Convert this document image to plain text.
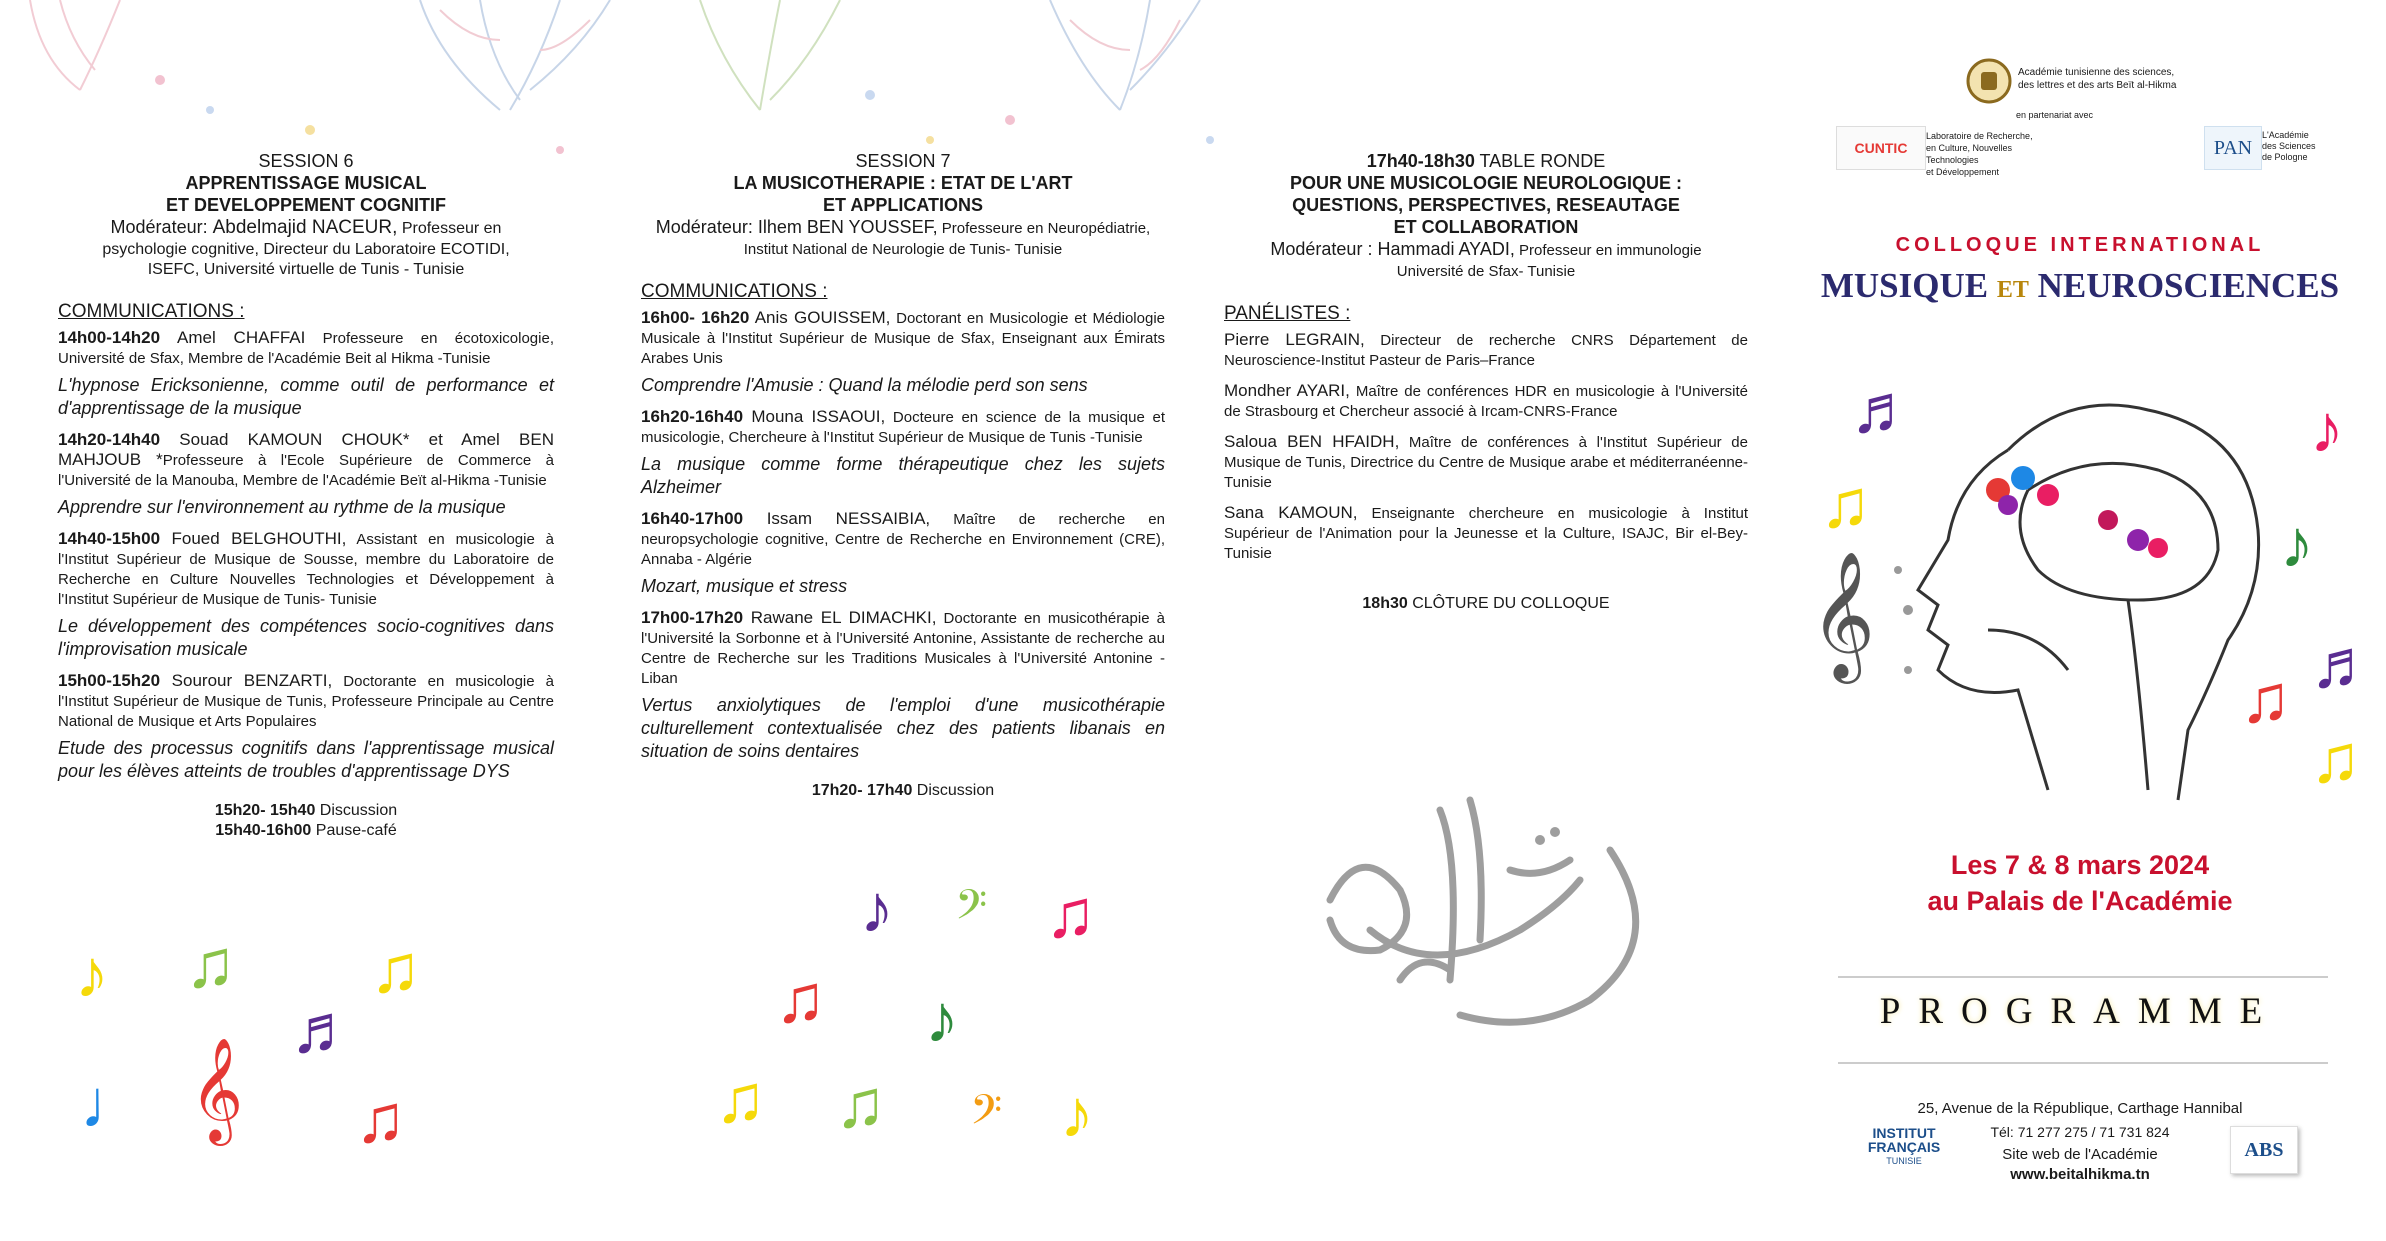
SESSION 6
APPRENTISSAGE MUSICAL
ET DEVELOPPEMENT COGNITIF
Modérateur: Abdelmajid NACEUR, Professeur en
psychologie cognitive, Directeur du Laboratoire ECOTIDI,
ISEFC, Université virtuelle de Tunis - Tunisie
COMMUNICATIONS :
14h00-14h20 Amel CHAFFAI Professeure en écotoxicologie, Université de Sfax, Membre de l'Académie Beit al Hikma -Tunisie
L'hypnose Ericksonienne, comme outil de performance et d'apprentissage de la musique
14h20-14h40 Souad KAMOUN CHOUK* et Amel BEN MAHJOUB *Professeure à l'Ecole Supérieure de Commerce à l'Université de la Manouba, Membre de l'Académie Beït al-Hikma -Tunisie
Apprendre sur l'environnement au rythme de la musique
14h40-15h00 Foued BELGHOUTHI, Assistant en musicologie à l'Institut Supérieur de Musique de Sousse, membre du Laboratoire de Recherche en Culture Nouvelles Technologies et Développement à l'Institut Supérieur de Musique de Tunis- Tunisie
Le développement des compétences socio-cognitives dans l'improvisation musicale
15h00-15h20 Sourour BENZARTI, Doctorante en musicologie à l'Institut Supérieur de Musique de Tunis, Professeure Principale au Centre National de Musique et Arts Populaires
Etude des processus cognitifs dans l'apprentissage musical pour les élèves atteints de troubles d'apprentissage DYS
15h20- 15h40 Discussion
15h40-16h00 Pause-café
♪ ♫ ♫
♬
♩ 𝄞 ♫
SESSION 7
LA MUSICOTHERAPIE : ETAT DE L'ART
ET APPLICATIONS
Modérateur: Ilhem BEN YOUSSEF, Professeure en Neuropédiatrie,
Institut National de Neurologie de Tunis- Tunisie
COMMUNICATIONS :
16h00- 16h20 Anis GOUISSEM, Doctorant en Musicologie et Médiologie Musicale à l'Institut Supérieur de Musique de Sfax, Enseignant aux Émirats Arabes Unis
Comprendre l'Amusie : Quand la mélodie perd son sens
16h20-16h40 Mouna ISSAOUI, Docteure en science de la musique et musicologie, Chercheure à l'Institut Supérieur de Musique de Tunis -Tunisie
La musique comme forme thérapeutique chez les sujets Alzheimer
16h40-17h00 Issam NESSAIBIA, Maître de recherche en neuropsychologie cognitive, Centre de Recherche en Environnement (CRE), Annaba - Algérie
Mozart, musique et stress
17h00-17h20 Rawane EL DIMACHKI, Doctorante en musicothérapie à l'Université la Sorbonne et à l'Université Antonine, Assistante de recherche au Centre de Recherche sur les Traditions Musicales à l'Université Antonine - Liban
Vertus anxiolytiques de l'emploi d'une musicothérapie culturellement contextualisée chez des patients libanais en situation de soins dentaires
17h20- 17h40 Discussion
♪ 𝄢 ♫
♫ ♪
♫ ♫ 𝄢 ♪
17h40-18h30 TABLE RONDE
POUR UNE MUSICOLOGIE NEUROLOGIQUE :
QUESTIONS, PERSPECTIVES, RESEAUTAGE
ET COLLABORATION
Modérateur : Hammadi AYADI, Professeur en immunologie
Université de Sfax- Tunisie
PANÉLISTES :
Pierre LEGRAIN, Directeur de recherche CNRS Département de Neuroscience-Institut Pasteur de Paris–France
Mondher AYARI, Maître de conférences HDR en musicologie à l'Université de Strasbourg et Chercheur associé à Ircam-CNRS-France
Saloua BEN HFAIDH, Maître de conférences à l'Institut Supérieur de Musique de Tunis, Directrice du Centre de Musique arabe et méditerranéenne- Tunisie
Sana KAMOUN, Enseignante chercheure en musicologie à Institut Supérieur de l'Animation pour la Jeunesse et la Culture, ISAJC, Bir el-Bey- Tunisie
18h30 CLÔTURE DU COLLOQUE
Académie tunisienne des sciences,
des lettres et des arts Beït al-Hikma
en partenariat avec
CUNTIC
Laboratoire de Recherche,
en Culture, Nouvelles Technologies
et Développement
PAN
L'Académie
des Sciences
de Pologne
COLLOQUE INTERNATIONAL
MUSIQUE ET NEUROSCIENCES
♬
♫
♪
♪
♬
♫
♫
𝄞
Les 7 & 8 mars 2024
au Palais de l'Académie
PROGRAMME
25, Avenue de la République, Carthage Hannibal
Tél: 71 277 275 / 71 731 824
Site web de l'Académie
www.beitalhikma.tn
INSTITUT
FRANÇAIS
TUNISIE	ABS
